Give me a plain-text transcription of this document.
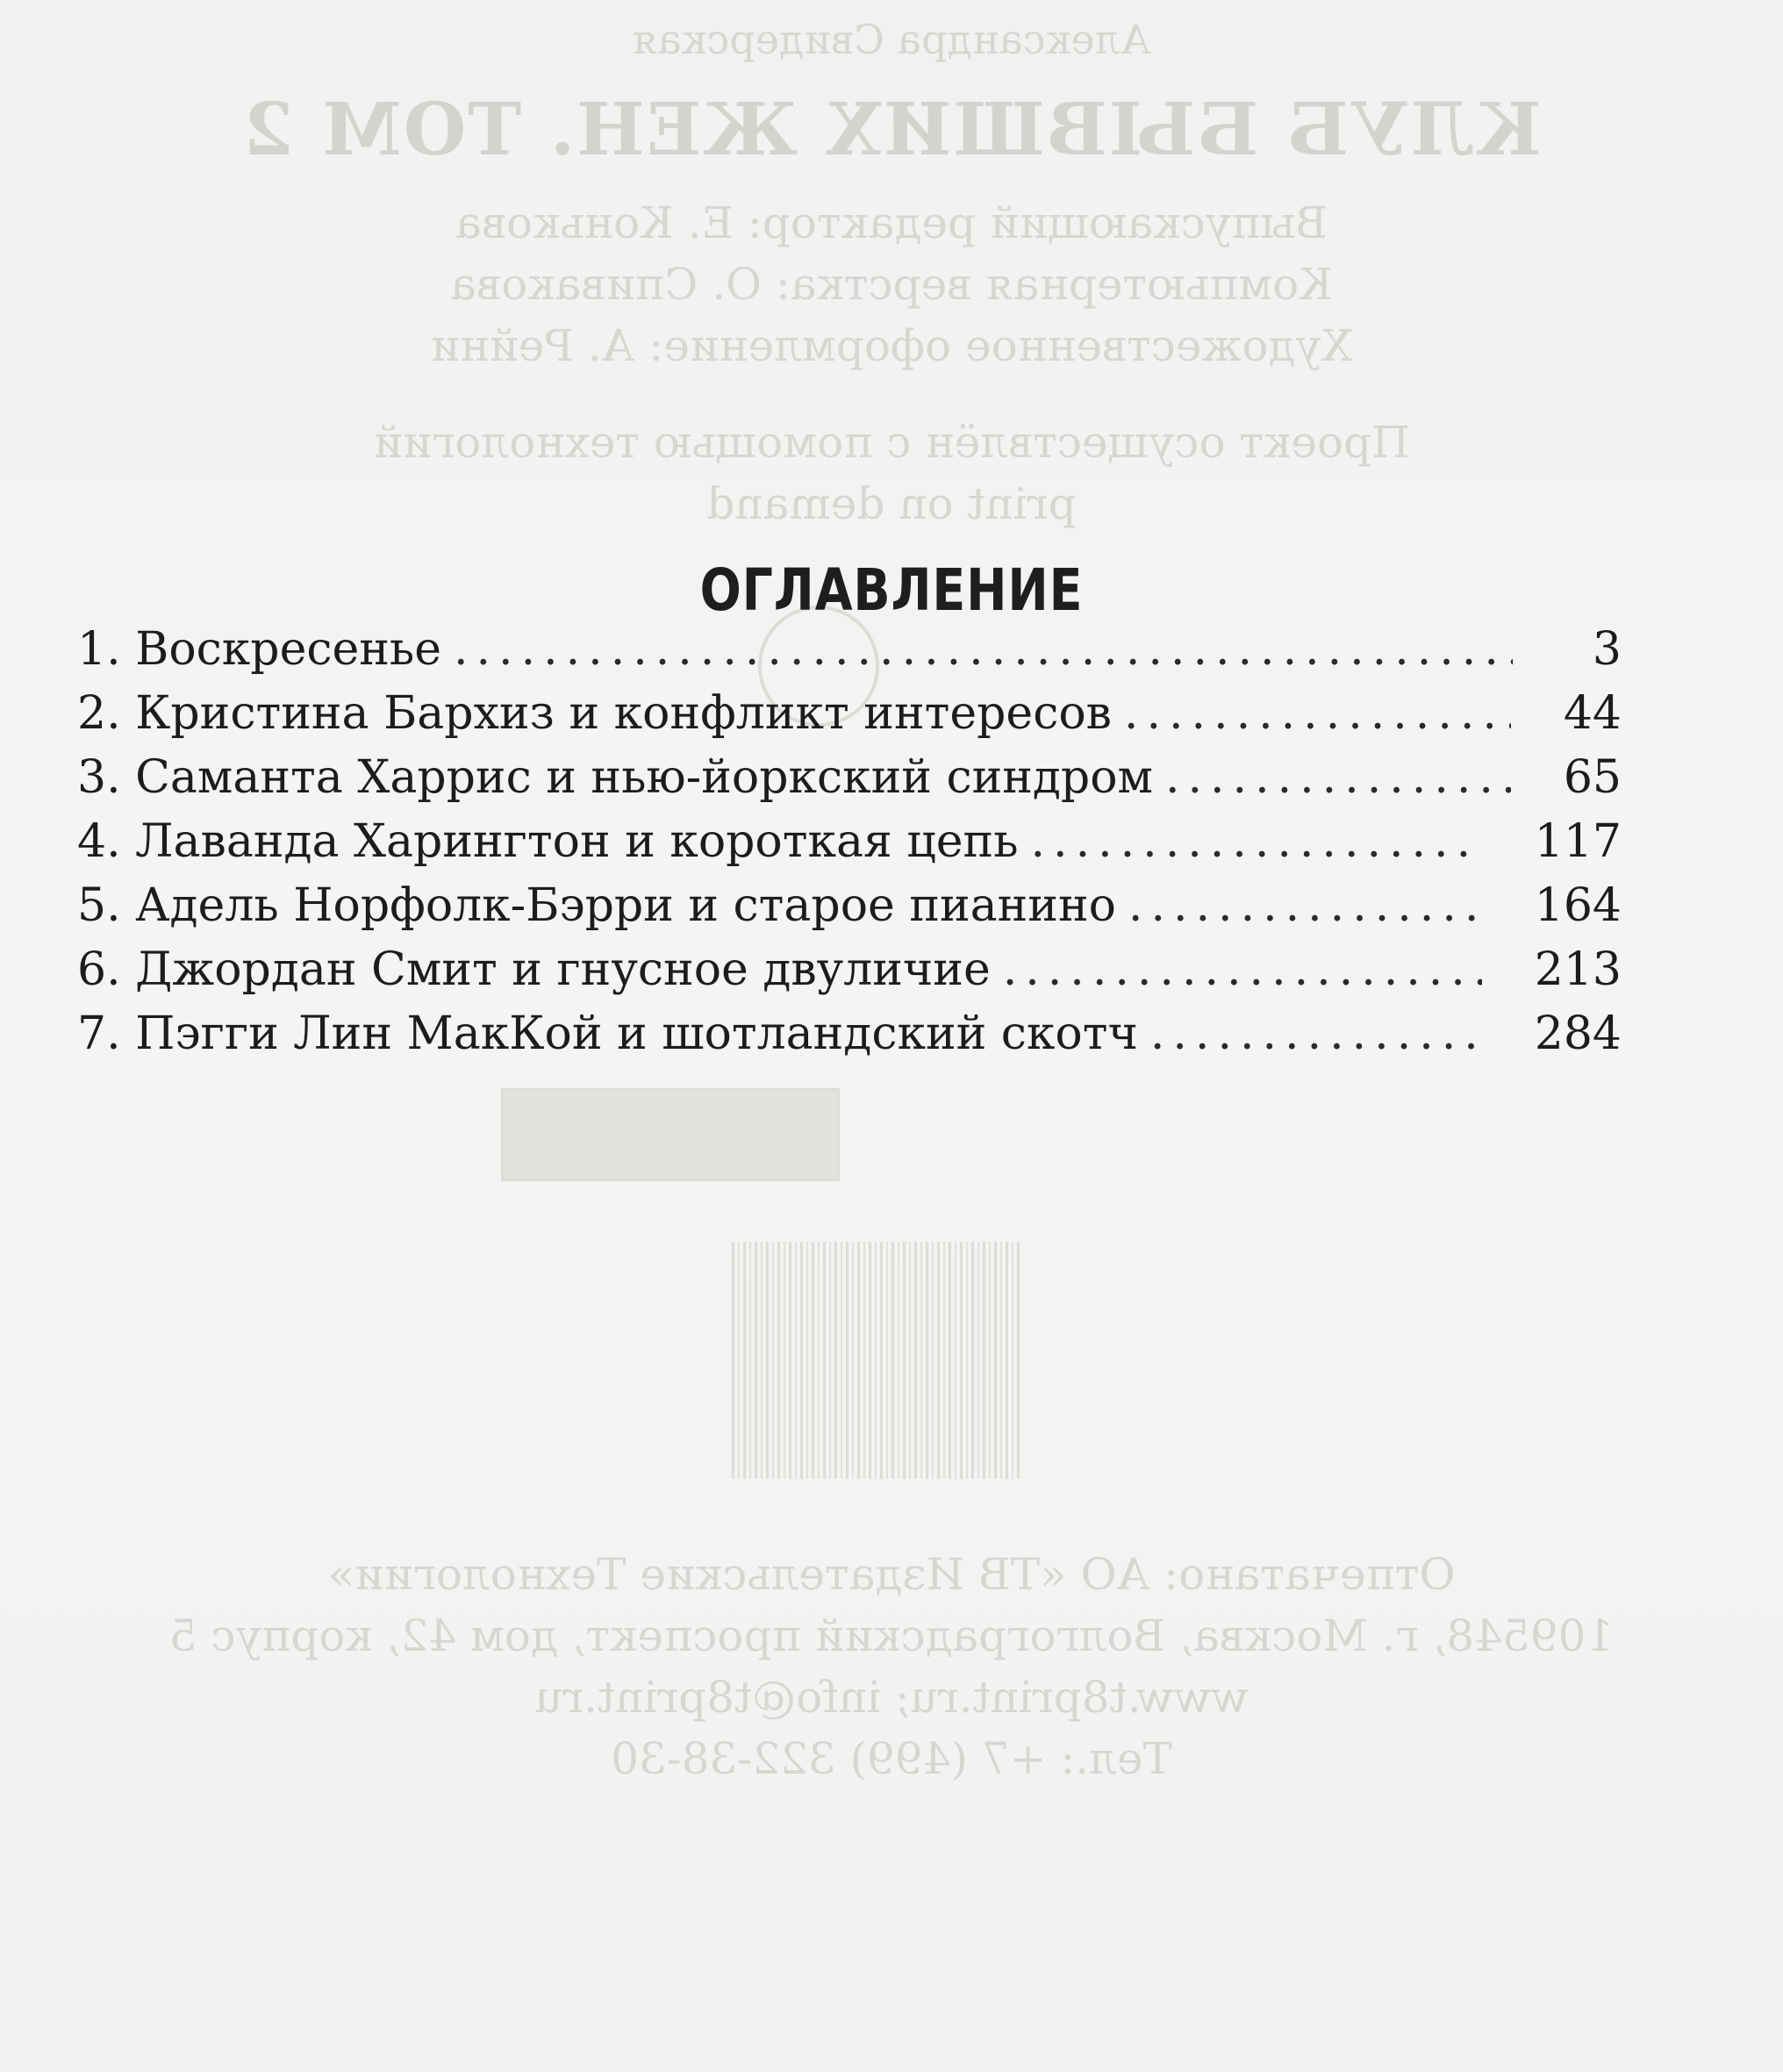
Александра Свидерская
КЛУБ БЫВШИХ ЖЕН. ТОМ 2
Выпускающий редактор: Е. Конькова
Компьютерная верстка: О. Спивакова
Художественное оформление: А. Рейни
Проект осуществлён с помощью технологий
print on demand
Отпечатано: АО «ТВ Издательские Технологии»
109548, г. Москва, Волгоградский проспект, дом 42, корпус 5
www.t8print.ru; info@t8print.ru
Тел.: +7 (499) 322-38-30
ОГЛАВЛЕНИЕ
1. Воскресенье .....	3
2. Кристина Бархиз и конфликт интересов .....	44
3. Саманта Харрис и нью-йоркский синдром .....	65
4. Лаванда Харингтон и короткая цепь .....	117
5. Адель Норфолк-Бэрри и старое пианино .....	164
6. Джордан Смит и гнусное двуличие .....	213
7. Пэгги Лин МакКой и шотландский скотч .....	284
